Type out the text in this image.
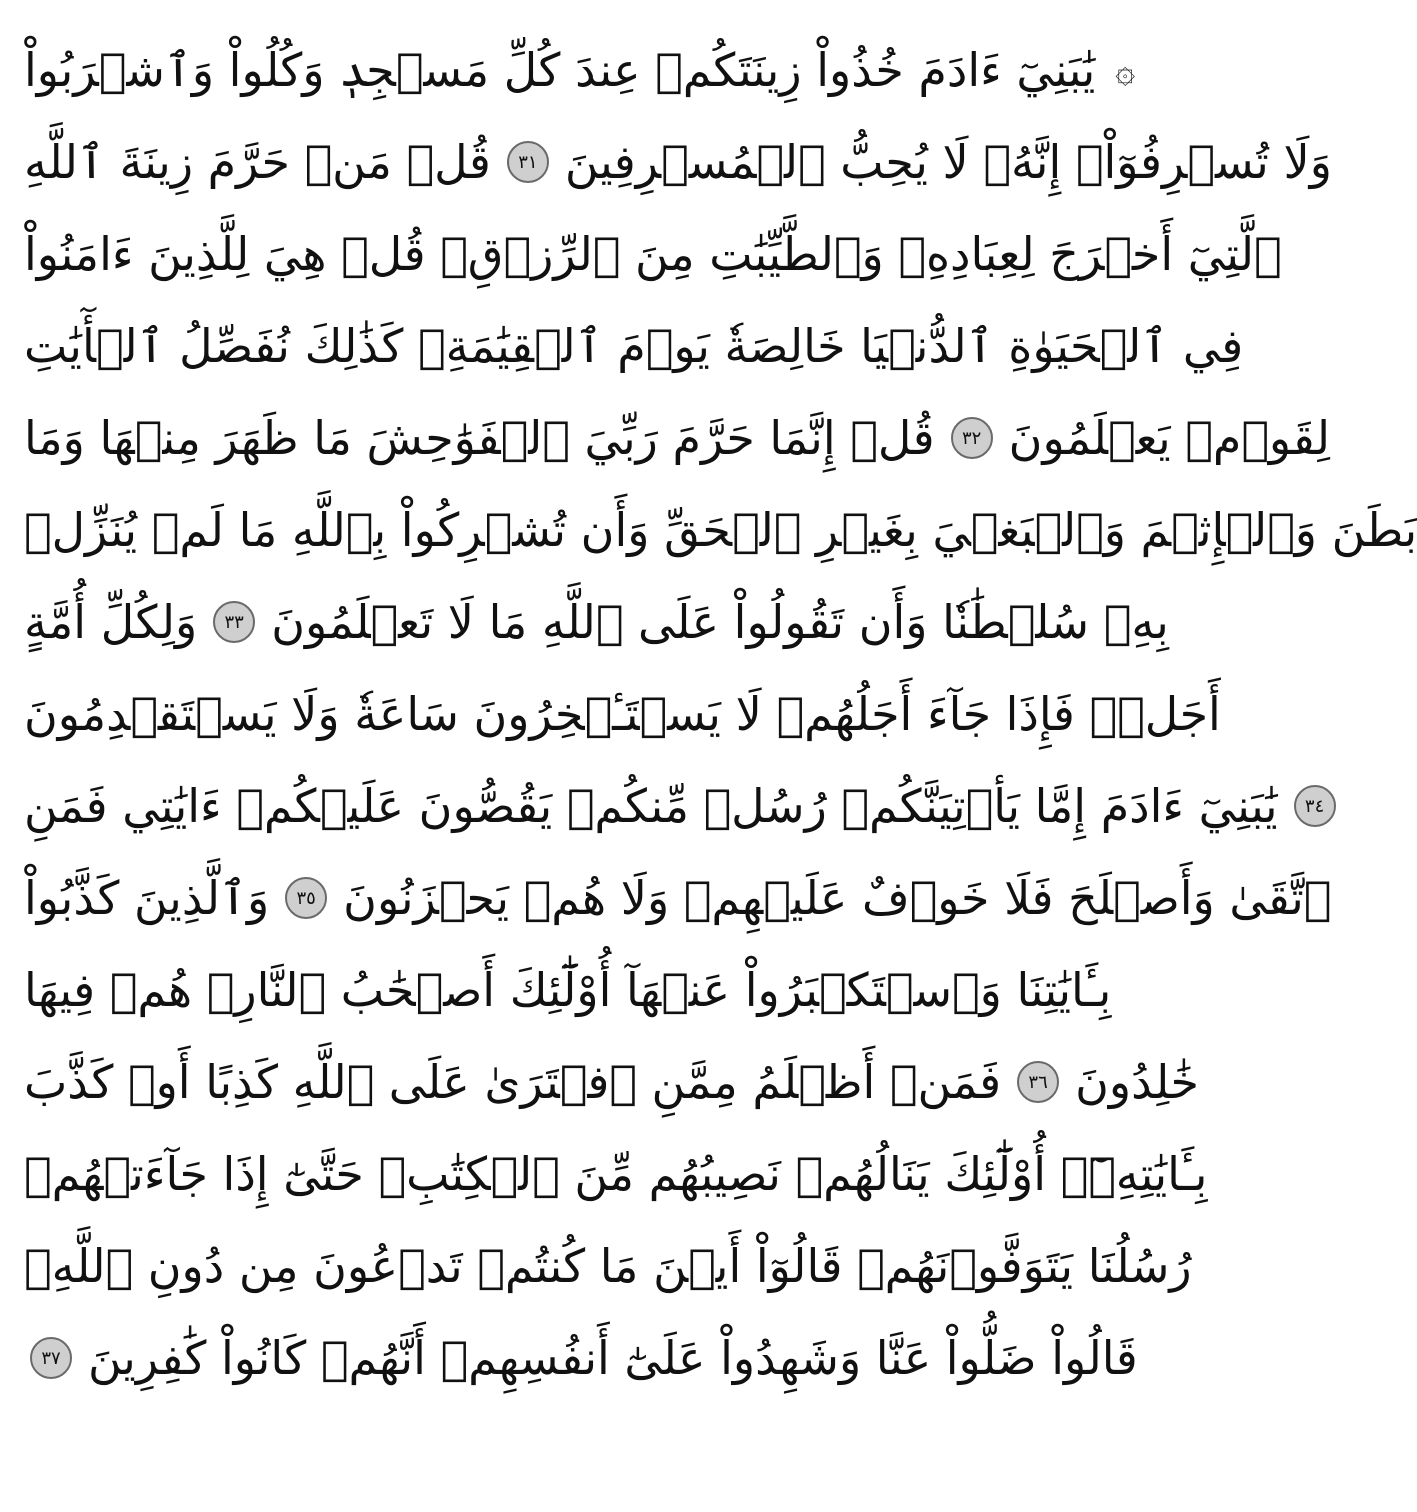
۞
يَٰبَنِيٓ ءَادَمَ خُذُواْ زِينَتَكُمۡ عِندَ كُلِّ مَسۡجِدٖ وَكُلُواْ وَٱشۡرَبُواْ
وَلَا تُسۡرِفُوٓاْۚ إِنَّهُۥ لَا يُحِبُّ ٱلۡمُسۡرِفِينَ
٣١
قُلۡ مَنۡ حَرَّمَ زِينَةَ ٱللَّهِ
ٱلَّتِيٓ أَخۡرَجَ لِعِبَادِهِۦ وَٱلطَّيِّبَٰتِ مِنَ ٱلرِّزۡقِۚ قُلۡ هِيَ لِلَّذِينَ ءَامَنُواْ
فِي ٱلۡحَيَوٰةِ ٱلدُّنۡيَا خَالِصَةٗ يَوۡمَ ٱلۡقِيَٰمَةِۗ كَذَٰلِكَ نُفَصِّلُ ٱلۡأٓيَٰتِ
لِقَوۡمٖ يَعۡلَمُونَ
٣٢
قُلۡ إِنَّمَا حَرَّمَ رَبِّيَ ٱلۡفَوَٰحِشَ مَا ظَهَرَ مِنۡهَا وَمَا
بَطَنَ وَٱلۡإِثۡمَ وَٱلۡبَغۡيَ بِغَيۡرِ ٱلۡحَقِّ وَأَن تُشۡرِكُواْ بِٱللَّهِ مَا لَمۡ يُنَزِّلۡ
بِهِۦ سُلۡطَٰنٗا وَأَن تَقُولُواْ عَلَى ٱللَّهِ مَا لَا تَعۡلَمُونَ
٣٣
وَلِكُلِّ أُمَّةٍ
أَجَلٞۖ فَإِذَا جَآءَ أَجَلُهُمۡ لَا يَسۡتَـٔۡخِرُونَ سَاعَةٗ وَلَا يَسۡتَقۡدِمُونَ
٣٤
يَٰبَنِيٓ ءَادَمَ إِمَّا يَأۡتِيَنَّكُمۡ رُسُلٞ مِّنكُمۡ يَقُصُّونَ عَلَيۡكُمۡ ءَايَٰتِي فَمَنِ
ٱتَّقَىٰ وَأَصۡلَحَ فَلَا خَوۡفٌ عَلَيۡهِمۡ وَلَا هُمۡ يَحۡزَنُونَ
٣٥
وَٱلَّذِينَ كَذَّبُواْ
بِـَٔايَٰتِنَا وَٱسۡتَكۡبَرُواْ عَنۡهَآ أُوْلَٰٓئِكَ أَصۡحَٰبُ ٱلنَّارِۖ هُمۡ فِيهَا
خَٰلِدُونَ
٣٦
فَمَنۡ أَظۡلَمُ مِمَّنِ ٱفۡتَرَىٰ عَلَى ٱللَّهِ كَذِبًا أَوۡ كَذَّبَ
بِـَٔايَٰتِهِۦٓۚ أُوْلَٰٓئِكَ يَنَالُهُمۡ نَصِيبُهُم مِّنَ ٱلۡكِتَٰبِۖ حَتَّىٰٓ إِذَا جَآءَتۡهُمۡ
رُسُلُنَا يَتَوَفَّوۡنَهُمۡ قَالُوٓاْ أَيۡنَ مَا كُنتُمۡ تَدۡعُونَ مِن دُونِ ٱللَّهِۖ
قَالُواْ ضَلُّواْ عَنَّا وَشَهِدُواْ عَلَىٰٓ أَنفُسِهِمۡ أَنَّهُمۡ كَانُواْ كَٰفِرِينَ
٣٧
